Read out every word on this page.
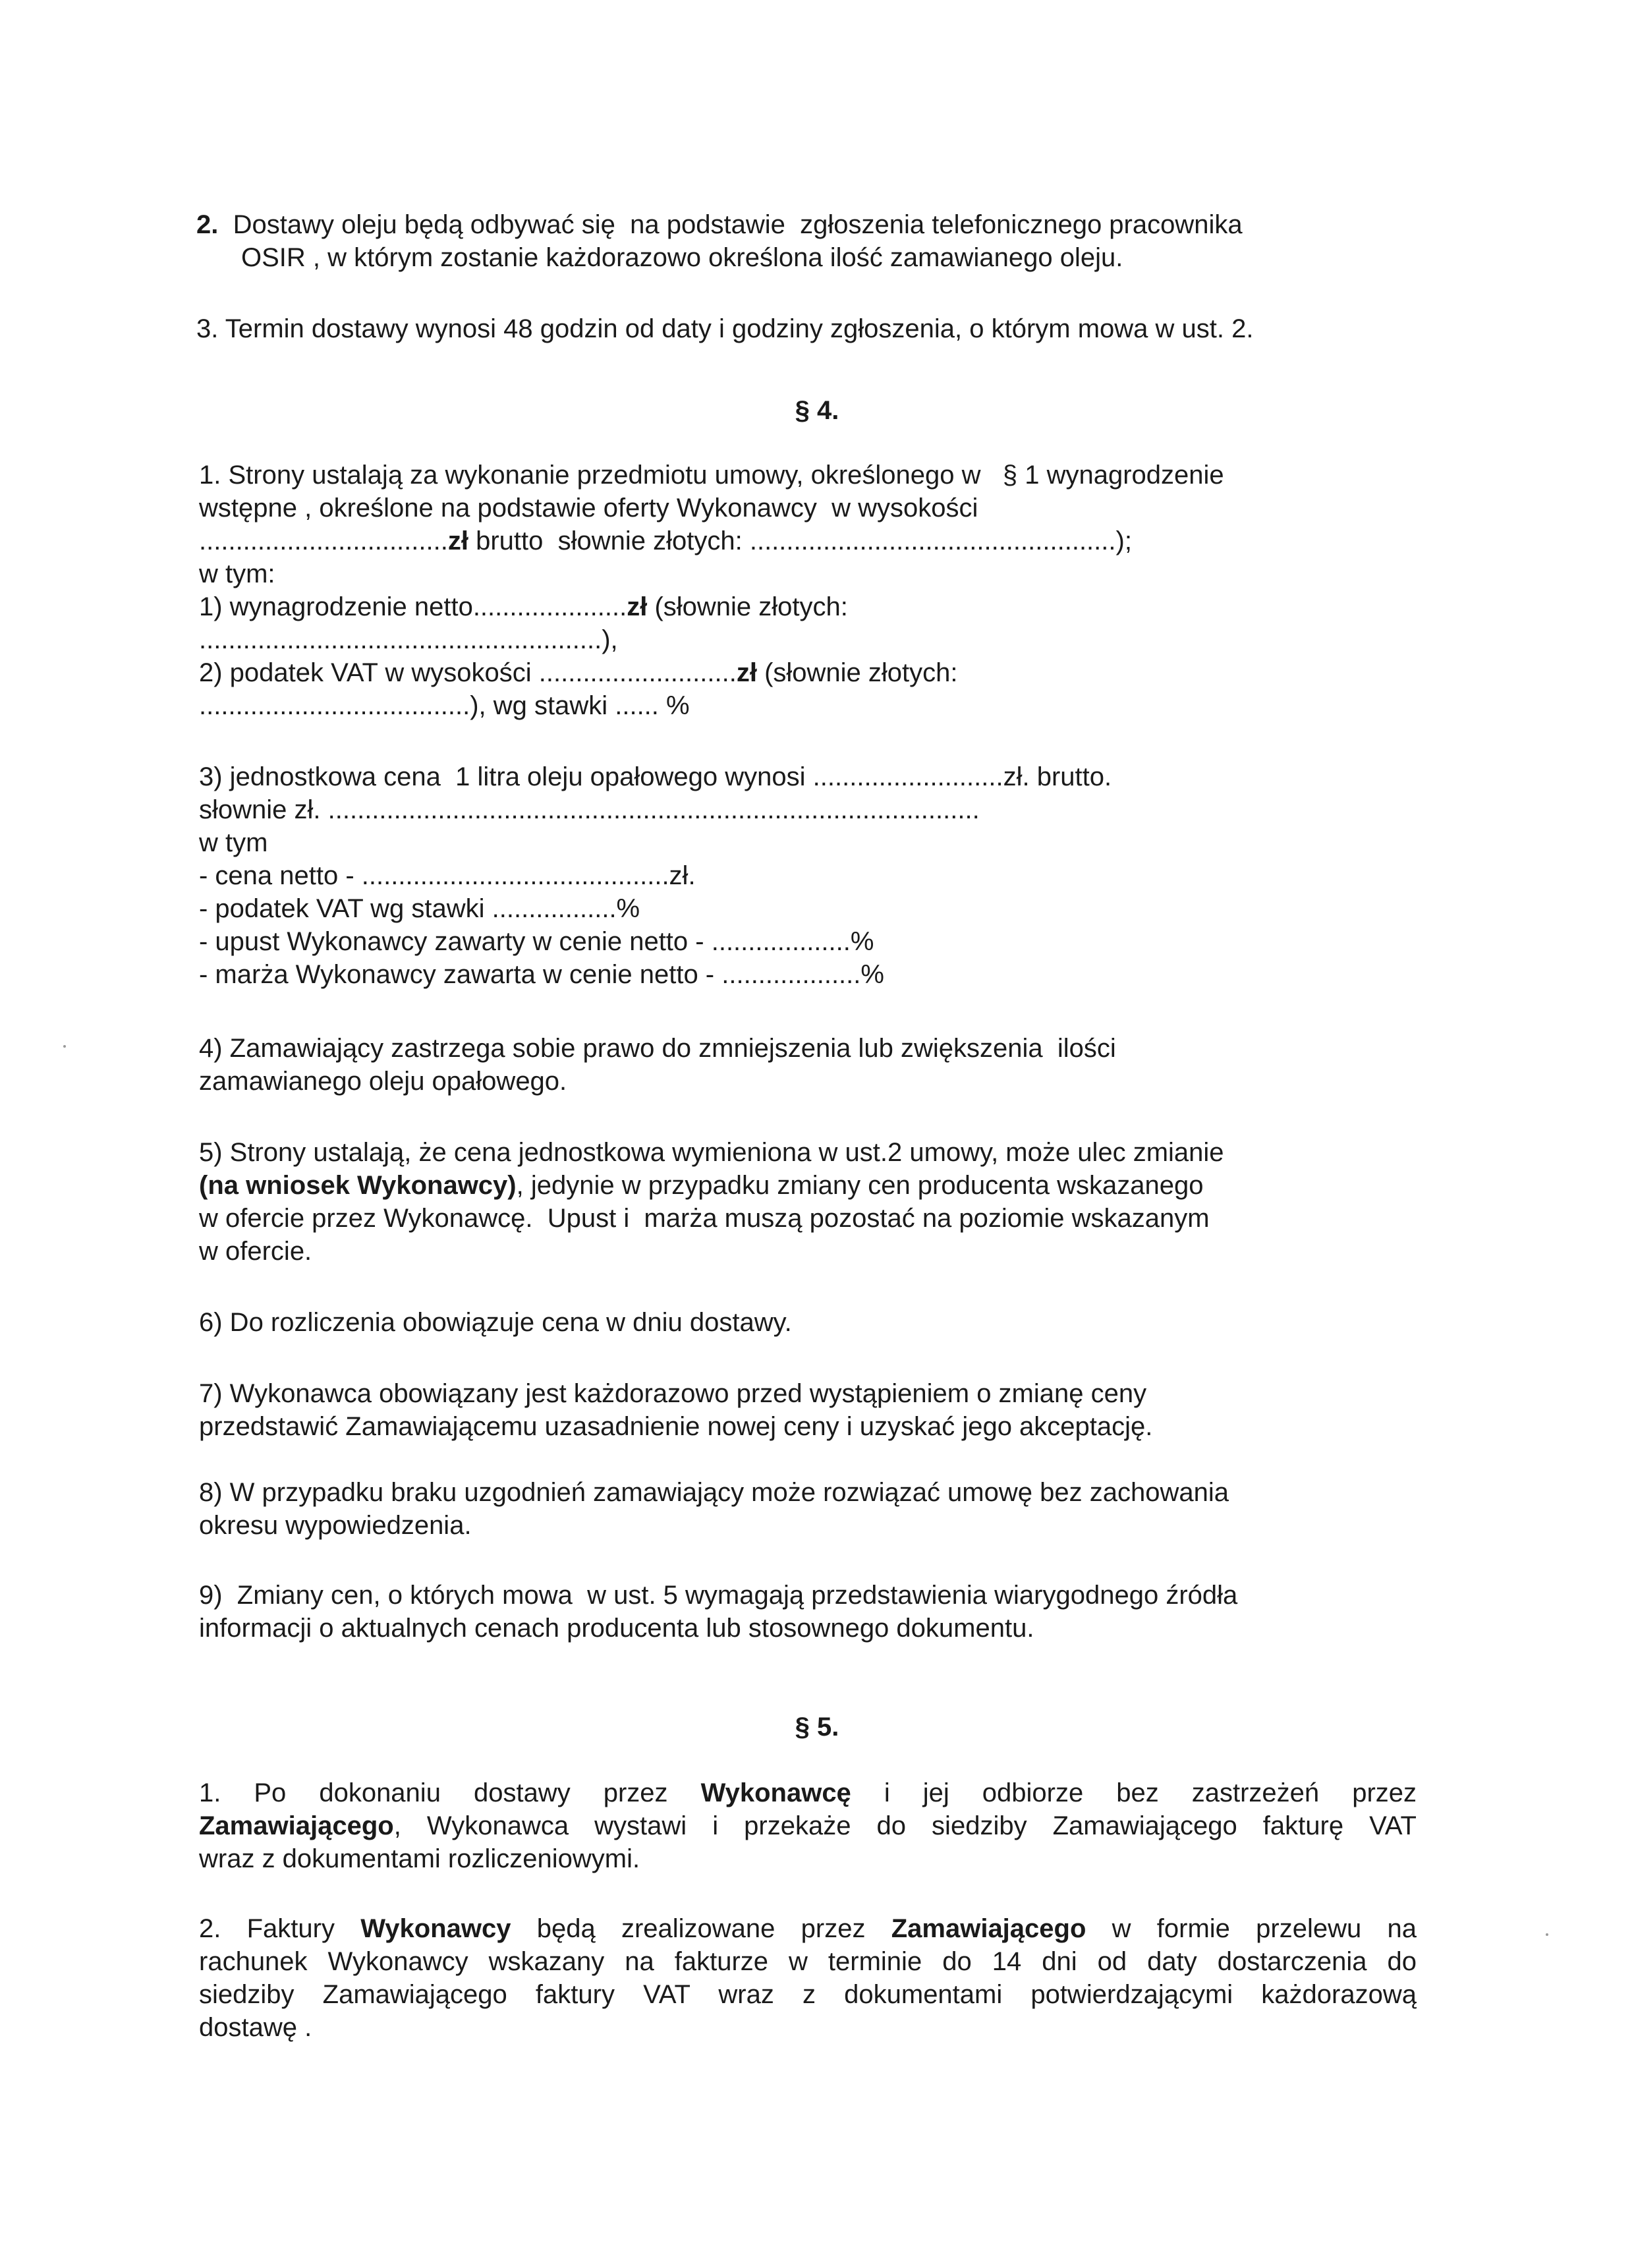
2. Dostawy oleju będą odbywać się  na podstawie  zgłoszenia telefonicznego pracownika
OSIR , w którym zostanie każdorazowo określona ilość zamawianego oleju.
3. Termin dostawy wynosi 48 godzin od daty i godziny zgłoszenia, o którym mowa w ust. 2.
§ 4.
1. Strony ustalają za wykonanie przedmiotu umowy, określonego w   § 1 wynagrodzenie
wstępne , określone na podstawie oferty Wykonawcy  w wysokości
..................................zł brutto  słownie złotych: ..................................................);
w tym:
1) wynagrodzenie netto.....................zł (słownie złotych:
.......................................................),
2) podatek VAT w wysokości ...........................zł (słownie złotych:
.....................................), wg stawki ...... %
3) jednostkowa cena  1 litra oleju opałowego wynosi ..........................zł. brutto.
słownie zł. .........................................................................................
w tym
- cena netto - ..........................................zł.
- podatek VAT wg stawki .................%
- upust Wykonawcy zawarty w cenie netto - ...................%
- marża Wykonawcy zawarta w cenie netto - ...................%
4) Zamawiający zastrzega sobie prawo do zmniejszenia lub zwiększenia  ilości
zamawianego oleju opałowego.
5) Strony ustalają, że cena jednostkowa wymieniona w ust.2 umowy, może ulec zmianie
(na wniosek Wykonawcy), jedynie w przypadku zmiany cen producenta wskazanego
w ofercie przez Wykonawcę.  Upust i  marża muszą pozostać na poziomie wskazanym
w ofercie.
6) Do rozliczenia obowiązuje cena w dniu dostawy.
7) Wykonawca obowiązany jest każdorazowo przed wystąpieniem o zmianę ceny
przedstawić Zamawiającemu uzasadnienie nowej ceny i uzyskać jego akceptację.
8) W przypadku braku uzgodnień zamawiający może rozwiązać umowę bez zachowania
okresu wypowiedzenia.
9)  Zmiany cen, o których mowa  w ust. 5 wymagają przedstawienia wiarygodnego źródła
informacji o aktualnych cenach producenta lub stosownego dokumentu.
§ 5.
1. Po dokonaniu dostawy przez Wykonawcę i jej odbiorze bez zastrzeżeń przez
Zamawiającego, Wykonawca wystawi i przekaże do siedziby Zamawiającego fakturę VAT
wraz z dokumentami rozliczeniowymi.
2. Faktury Wykonawcy będą zrealizowane przez Zamawiającego w formie przelewu na
rachunek Wykonawcy wskazany na fakturze w terminie do 14 dni od daty dostarczenia do
siedziby Zamawiającego faktury VAT wraz z dokumentami potwierdzającymi każdorazową
dostawę .
